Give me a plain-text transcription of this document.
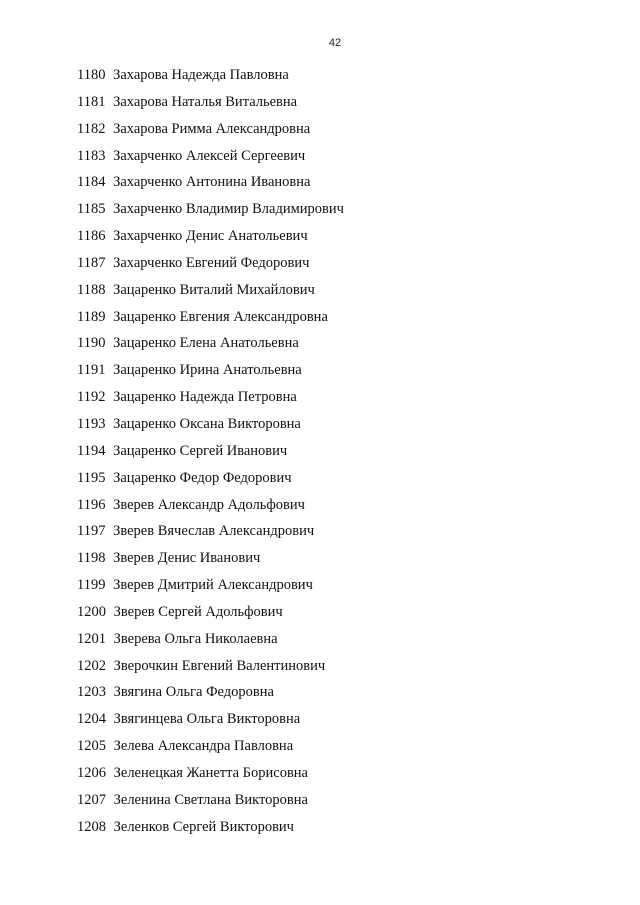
42
1180 Захарова Надежда Павловна
1181 Захарова Наталья Витальевна
1182 Захарова Римма Александровна
1183 Захарченко Алексей Сергеевич
1184 Захарченко Антонина Ивановна
1185 Захарченко Владимир Владимирович
1186 Захарченко Денис Анатольевич
1187 Захарченко Евгений Федорович
1188 Зацаренко Виталий Михайлович
1189 Зацаренко Евгения Александровна
1190 Зацаренко Елена Анатольевна
1191 Зацаренко Ирина Анатольевна
1192 Зацаренко Надежда Петровна
1193 Зацаренко Оксана Викторовна
1194 Зацаренко Сергей Иванович
1195 Зацаренко Федор Федорович
1196 Зверев Александр Адольфович
1197 Зверев Вячеслав Александрович
1198 Зверев Денис Иванович
1199 Зверев Дмитрий Александрович
1200 Зверев Сергей Адольфович
1201 Зверева Ольга Николаевна
1202 Зверочкин Евгений Валентинович
1203 Звягина Ольга Федоровна
1204 Звягинцева Ольга Викторовна
1205 Зелева Александра Павловна
1206 Зеленецкая Жанетта Борисовна
1207 Зеленина Светлана Викторовна
1208 Зеленков Сергей Викторович
